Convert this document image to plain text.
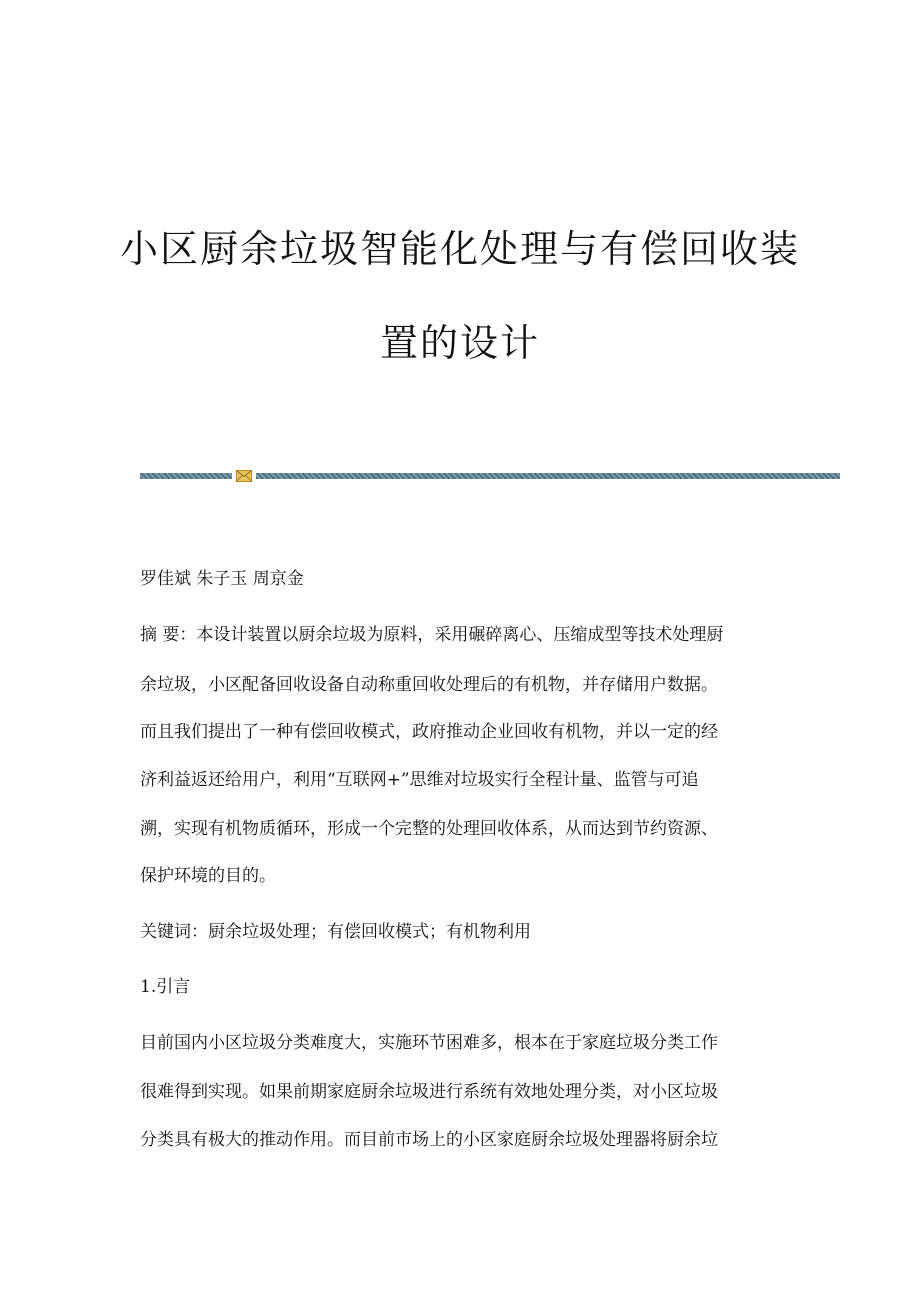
小区厨余垃圾智能化处理与有偿回收装
置的设计
罗佳斌 朱子玉 周京金
摘 要：本设计装置以厨余垃圾为原料，采用碾碎离心、压缩成型等技术处理厨
余垃圾，小区配备回收设备自动称重回收处理后的有机物，并存储用户数据。
而且我们提出了一种有偿回收模式，政府推动企业回收有机物，并以一定的经
济利益返还给用户，利用“互联网+”思维对垃圾实行全程计量、监管与可追
溯，实现有机物质循环，形成一个完整的处理回收体系，从而达到节约资源、
保护环境的目的。
关键词：厨余垃圾处理；有偿回收模式；有机物利用
1.引言
目前国内小区垃圾分类难度大，实施环节困难多，根本在于家庭垃圾分类工作
很难得到实现。如果前期家庭厨余垃圾进行系统有效地处理分类，对小区垃圾
分类具有极大的推动作用。而目前市场上的小区家庭厨余垃圾处理器将厨余垃
